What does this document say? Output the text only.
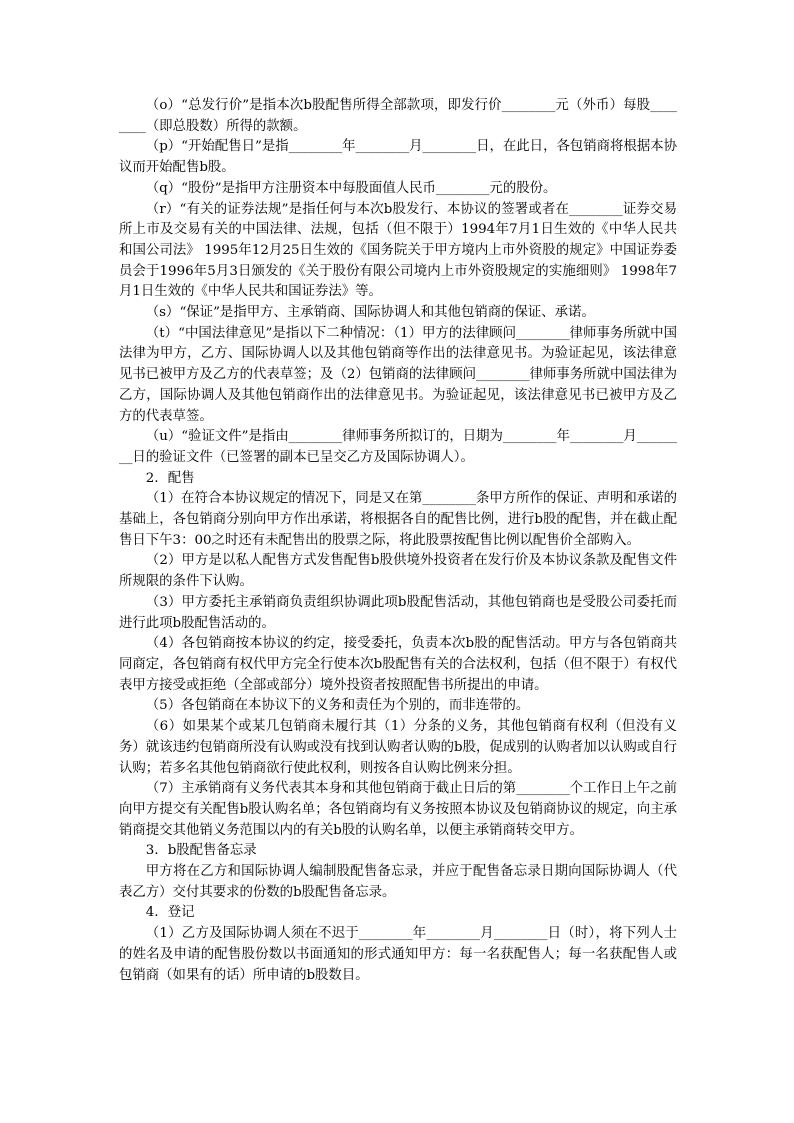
（o）“总发行价”是指本次b股配售所得全部款项，即发行价________元（外币）每股________（即总股数）所得的款额。

（p）“开始配售日”是指________年________月________日，在此日，各包销商将根据本协议而开始配售b股。

（q）“股份”是指甲方注册资本中每股面值人民币________元的股份。

（r）“有关的证券法规”是指任何与本次b股发行、本协议的签署或者在________证券交易所上市及交易有关的中国法律、法规，包括（但不限于）1994年7月1日生效的《中华人民共和国公司法》 1995年12月25日生效的《国务院关于甲方境内上市外资股的规定》中国证券委员会于1996年5月3日颁发的《关于股份有限公司境内上市外资股规定的实施细则》 1998年7月1日生效的《中华人民共和国证券法》等。

（s）“保证”是指甲方、主承销商、国际协调人和其他包销商的保证、承诺。

（t）“中国法律意见”是指以下二种情况：（1）甲方的法律顾问________律师事务所就中国法律为甲方，乙方、国际协调人以及其他包销商等作出的法律意见书。为验证起见，该法律意见书已被甲方及乙方的代表草签；及（2）包销商的法律顾问________律师事务所就中国法律为乙方，国际协调人及其他包销商作出的法律意见书。为验证起见，该法律意见书已被甲方及乙方的代表草签。

（u）“验证文件”是指由________律师事务所拟订的，日期为________年________月________日的验证文件（已签署的副本已呈交乙方及国际协调人）。

2．配售

（1）在符合本协议规定的情况下，同是又在第________条甲方所作的保证、声明和承诺的基础上，各包销商分别向甲方作出承诺，将根据各自的配售比例，进行b股的配售，并在截止配售日下午3：00之时还有未配售出的股票之际，将此股票按配售比例以配售价全部购入。

（2）甲方是以私人配售方式发售配售b股供境外投资者在发行价及本协议条款及配售文件所规限的条件下认购。

（3）甲方委托主承销商负责组织协调此项b股配售活动，其他包销商也是受股公司委托而进行此项b股配售活动的。

（4）各包销商按本协议的约定，接受委托，负责本次b股的配售活动。甲方与各包销商共同商定，各包销商有权代甲方完全行使本次b股配售有关的合法权利，包括（但不限于）有权代表甲方接受或拒绝（全部或部分）境外投资者按照配售书所提出的申请。

（5）各包销商在本协议下的义务和责任为个别的，而非连带的。

（6）如果某个或某几包销商未履行其（1）分条的义务，其他包销商有权利（但没有义务）就该违约包销商所没有认购或没有找到认购者认购的b股，促成别的认购者加以认购或自行认购；若多名其他包销商欲行使此权利，则按各自认购比例来分担。

（7）主承销商有义务代表其本身和其他包销商于截止日后的第________个工作日上午之前向甲方提交有关配售b股认购名单；各包销商均有义务按照本协议及包销商协议的规定，向主承销商提交其他销义务范围以内的有关b股的认购名单，以便主承销商转交甲方。

3．b股配售备忘录

甲方将在乙方和国际协调人编制股配售备忘录，并应于配售备忘录日期向国际协调人（代表乙方）交付其要求的份数的b股配售备忘录。

4．登记

（1）乙方及国际协调人须在不迟于________年________月________日（时），将下列人士的姓名及申请的配售股份数以书面通知的形式通知甲方：每一名获配售人；每一名获配售人或包销商（如果有的话）所申请的b股数目。
